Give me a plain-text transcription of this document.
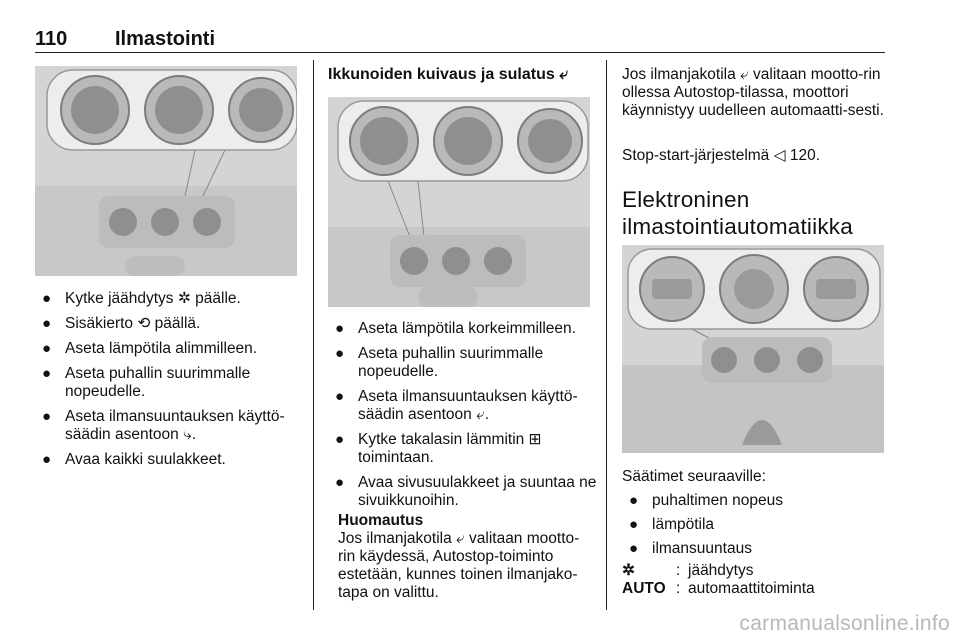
110 Ilmastointi
● Kytke jäähdytys ✲ päälle.
● Sisäkierto ⟲ päällä.
● Aseta lämpötila alimmilleen.
● Aseta puhallin suurimmalle nopeudelle.
● Aseta ilmansuuntauksen käyttö-säädin asentoon ⤷.
● Avaa kaikki suulakkeet.
Ikkunoiden kuivaus ja sulatus ⤶
● Aseta lämpötila korkeimmilleen.
● Aseta puhallin suurimmalle nopeudelle.
● Aseta ilmansuuntauksen käyttö-säädin asentoon ⤶.
● Kytke takalasin lämmitin ⊞ toimintaan.
● Avaa sivusuulakkeet ja suuntaa ne sivuikkunoihin.
Huomautus
Jos ilmanjakotila ⤶ valitaan mootto-rin käydessä, Autostop-toiminto estetään, kunnes toinen ilmanjako-tapa on valittu.
Jos ilmanjakotila ⤶ valitaan mootto-rin ollessa Autostop-tilassa, moottori käynnistyy uudelleen automaatti-sesti.
Stop-start-järjestelmä ◁ 120.
Elektroninen
ilmastointiautomatiikka
Säätimet seuraaville:
● puhaltimen nopeus
● lämpötila
● ilmansuuntaus
✲	: jäähdytys
AUTO : automaattitoiminta
carmanualsonline.info
